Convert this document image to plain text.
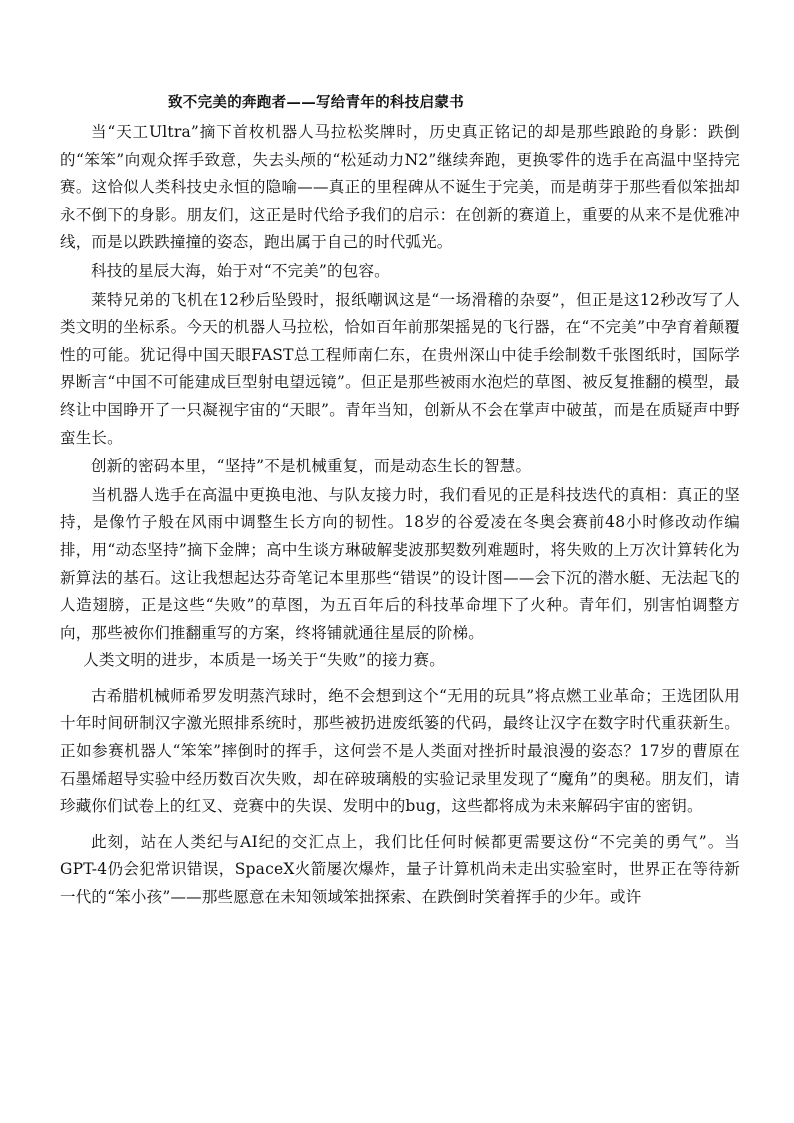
致不完美的奔跑者——写给青年的科技启蒙书

当“天工Ultra”摘下首枚机器人马拉松奖牌时，历史真正铭记的却是那些踉跄的身影：跌倒的“笨笨”向观众挥手致意，失去头颅的“松延动力N2”继续奔跑，更换零件的选手在高温中坚持完赛。这恰似人类科技史永恒的隐喻——真正的里程碑从不诞生于完美，而是萌芽于那些看似笨拙却永不倒下的身影。朋友们，这正是时代给予我们的启示：在创新的赛道上，重要的从来不是优雅冲线，而是以跌跌撞撞的姿态，跑出属于自己的时代弧光。

科技的星辰大海，始于对“不完美”的包容。

莱特兄弟的飞机在12秒后坠毁时，报纸嘲讽这是“一场滑稽的杂耍”，但正是这12秒改写了人类文明的坐标系。今天的机器人马拉松，恰如百年前那架摇晃的飞行器，在“不完美”中孕育着颠覆性的可能。犹记得中国天眼FAST总工程师南仁东，在贵州深山中徒手绘制数千张图纸时，国际学界断言“中国不可能建成巨型射电望远镜”。但正是那些被雨水泡烂的草图、被反复推翻的模型，最终让中国睁开了一只凝视宇宙的“天眼”。青年当知，创新从不会在掌声中破茧，而是在质疑声中野蛮生长。

创新的密码本里，“坚持”不是机械重复，而是动态生长的智慧。

当机器人选手在高温中更换电池、与队友接力时，我们看见的正是科技迭代的真相：真正的坚持，是像竹子般在风雨中调整生长方向的韧性。18岁的谷爱凌在冬奥会赛前48小时修改动作编排，用“动态坚持”摘下金牌；高中生谈方琳破解斐波那契数列难题时，将失败的上万次计算转化为新算法的基石。这让我想起达芬奇笔记本里那些“错误”的设计图——会下沉的潜水艇、无法起飞的人造翅膀，正是这些“失败”的草图，为五百年后的科技革命埋下了火种。青年们，别害怕调整方向，那些被你们推翻重写的方案，终将铺就通往星辰的阶梯。

人类文明的进步，本质是一场关于“失败”的接力赛。

古希腊机械师希罗发明蒸汽球时，绝不会想到这个“无用的玩具”将点燃工业革命；王选团队用十年时间研制汉字激光照排系统时，那些被扔进废纸篓的代码，最终让汉字在数字时代重获新生。正如参赛机器人“笨笨”摔倒时的挥手，这何尝不是人类面对挫折时最浪漫的姿态？17岁的曹原在石墨烯超导实验中经历数百次失败，却在碎玻璃般的实验记录里发现了“魔角”的奥秘。朋友们，请珍藏你们试卷上的红叉、竞赛中的失误、发明中的bug，这些都将成为未来解码宇宙的密钥。

此刻，站在人类纪与AI纪的交汇点上，我们比任何时候都更需要这份“不完美的勇气”。当GPT-4仍会犯常识错误，SpaceX火箭屡次爆炸，量子计算机尚未走出实验室时，世界正在等待新一代的“笨小孩”——那些愿意在未知领域笨拙探索、在跌倒时笑着挥手的少年。或许
